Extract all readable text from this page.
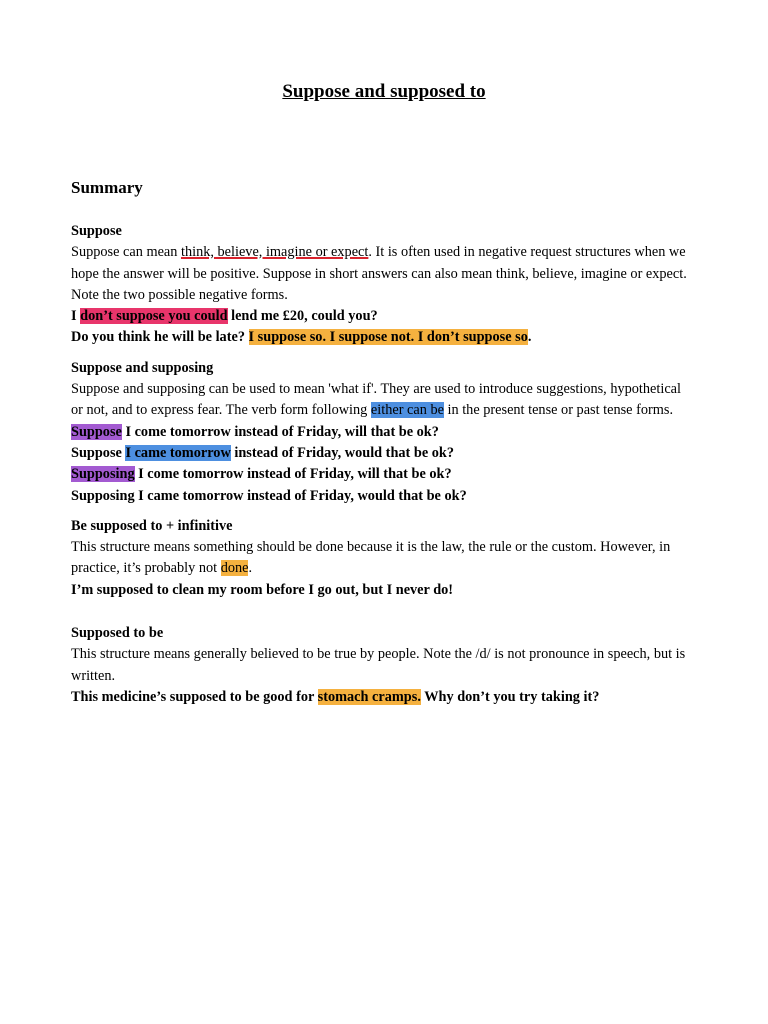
Suppose and supposed to
Summary

Suppose

Suppose can mean think, believe, imagine or expect. It is often used in negative request structures when we hope the answer will be positive. Suppose in short answers can also mean think, believe, imagine or expect. Note the two possible negative forms.

I don’t suppose you could lend me £20, could you?

Do you think he will be late? I suppose so. I suppose not. I don’t suppose so.

Suppose and supposing

Suppose and supposing can be used to mean 'what if'. They are used to introduce suggestions, hypothetical or not, and to express fear. The verb form following either can be in the present tense or past tense forms.

Suppose I come tomorrow instead of Friday, will that be ok?

Suppose I came tomorrow instead of Friday, would that be ok?

Supposing I come tomorrow instead of Friday, will that be ok?

Supposing I came tomorrow instead of Friday, would that be ok?

Be supposed to + infinitive

This structure means something should be done because it is the law, the rule or the custom. However, in practice, it’s probably not done.

I’m supposed to clean my room before I go out, but I never do!

Supposed to be

This structure means generally believed to be true by people. Note the /d/ is not pronounce in speech, but is written.

This medicine’s supposed to be good for stomach cramps. Why don’t you try taking it?
